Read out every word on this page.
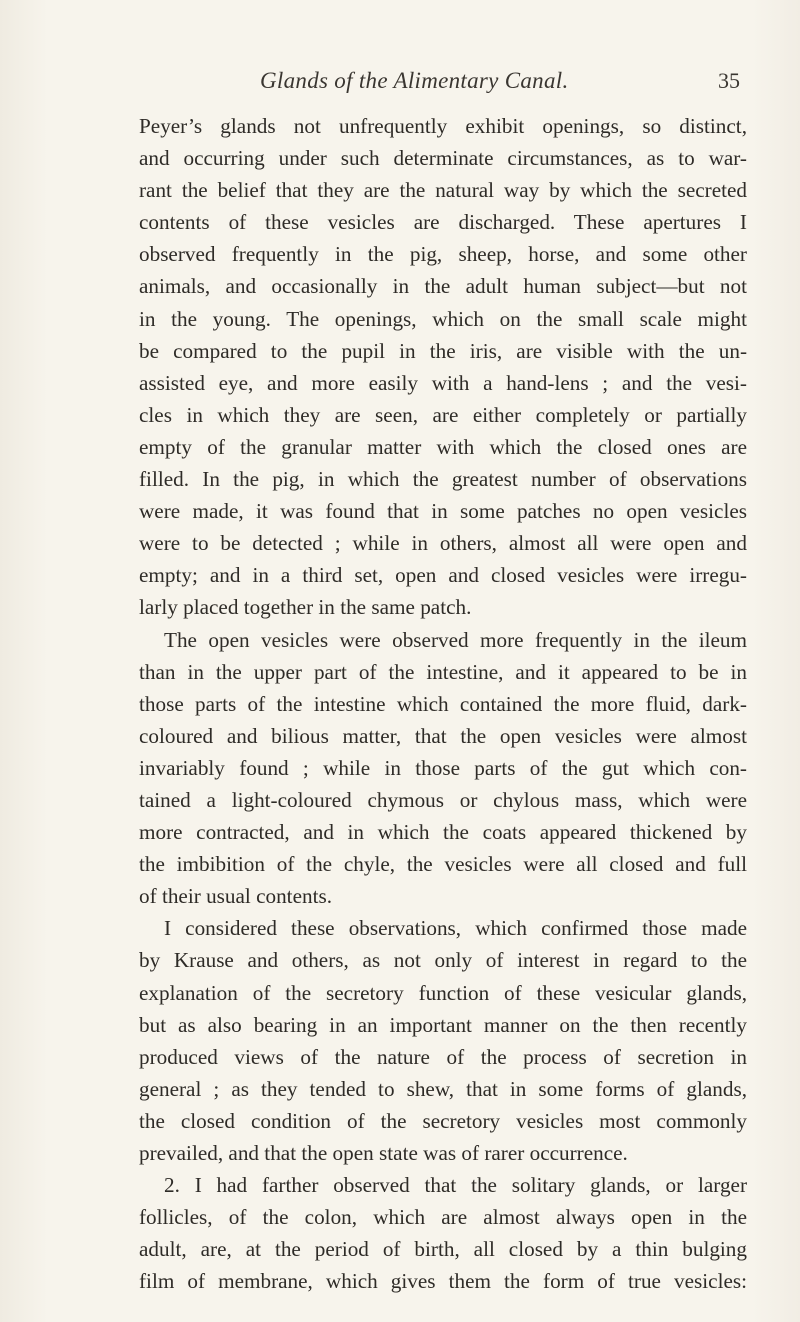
Glands of the Alimentary Canal.	35
Peyer’s glands not unfrequently exhibit openings, so distinct,
and occurring under such determinate circumstances, as to war-
rant the belief that they are the natural way by which the secreted
contents of these vesicles are discharged. These apertures I
observed frequently in the pig, sheep, horse, and some other
animals, and occasionally in the adult human subject—but not
in the young. The openings, which on the small scale might
be compared to the pupil in the iris, are visible with the un-
assisted eye, and more easily with a hand-lens ; and the vesi-
cles in which they are seen, are either completely or partially
empty of the granular matter with which the closed ones are
filled. In the pig, in which the greatest number of observations
were made, it was found that in some patches no open vesicles
were to be detected ; while in others, almost all were open and
empty; and in a third set, open and closed vesicles were irregu-
larly placed together in the same patch.
The open vesicles were observed more frequently in the ileum
than in the upper part of the intestine, and it appeared to be in
those parts of the intestine which contained the more fluid, dark-
coloured and bilious matter, that the open vesicles were almost
invariably found ; while in those parts of the gut which con-
tained a light-coloured chymous or chylous mass, which were
more contracted, and in which the coats appeared thickened by
the imbibition of the chyle, the vesicles were all closed and full
of their usual contents.
I considered these observations, which confirmed those made
by Krause and others, as not only of interest in regard to the
explanation of the secretory function of these vesicular glands,
but as also bearing in an important manner on the then recently
produced views of the nature of the process of secretion in
general ; as they tended to shew, that in some forms of glands,
the closed condition of the secretory vesicles most commonly
prevailed, and that the open state was of rarer occurrence.
2. I had farther observed that the solitary glands, or larger
follicles, of the colon, which are almost always open in the
adult, are, at the period of birth, all closed by a thin bulging
film of membrane, which gives them the form of true vesicles:
